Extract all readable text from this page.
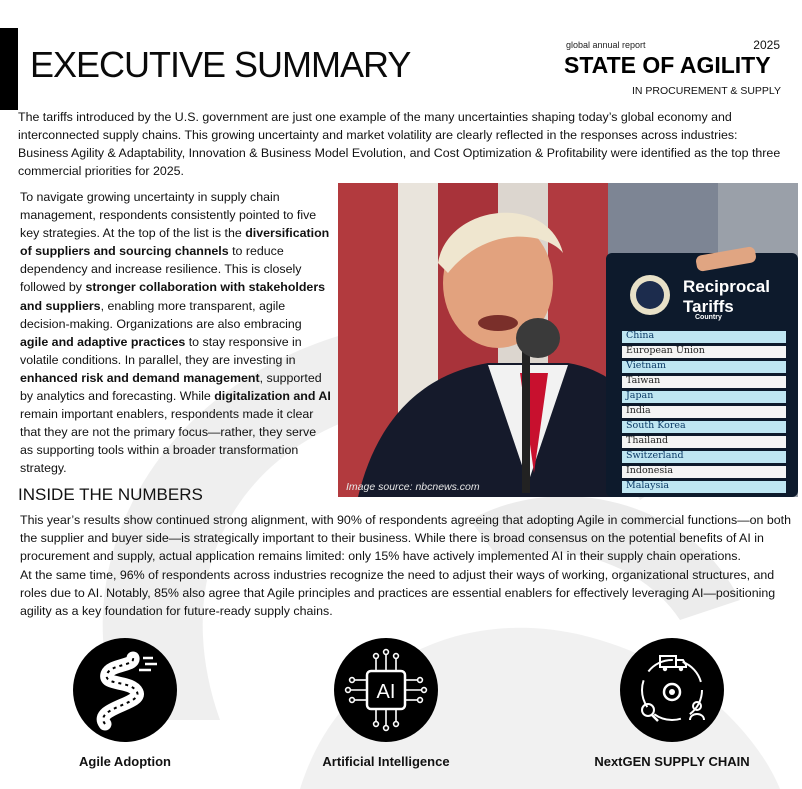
EXECUTIVE SUMMARY	global annual report	2025
STATE OF AGILITY
IN PROCUREMENT & SUPPLY

The tariffs introduced by the U.S. government are just one example of the many uncertainties shaping today’s global economy and interconnected supply chains. This growing uncertainty and market volatility are clearly reflected in the responses across industries: Business Agility & Adaptability, Innovation & Business Model Evolution, and Cost Optimization & Profitability were identified as the top three commercial priorities for 2025.

To navigate growing uncertainty in supply chain management, respondents consistently pointed to five key strategies. At the top of the list is the diversification of suppliers and sourcing channels to reduce dependency and increase resilience. This is closely followed by stronger collaboration with stakeholders and suppliers, enabling more transparent, agile decision-making. Organizations are also embracing agile and adaptive practices to stay responsive in volatile conditions. In parallel, they are investing in enhanced risk and demand management, supported by analytics and forecasting. While digitalization and AI remain important enablers, respondents made it clear that they are not the primary focus—rather, they serve as supporting tools within a broader transformation strategy.

Reciprocal Tariffs
Country
China
European Union
Vietnam
Taiwan
Japan
India
South Korea
Thailand
Switzerland
Indonesia
Malaysia
Image source: nbcnews.com
INSIDE THE NUMBERS

This year’s results show continued strong alignment, with 90% of respondents agreeing that adopting Agile in commercial functions—on both the supplier and buyer side—is strategically important to their business. While there is broad consensus on the potential benefits of AI in procurement and supply, actual application remains limited: only 15% have actively implemented AI in their supply chain operations.

At the same time, 96% of respondents across industries recognize the need to adjust their ways of working, organizational structures, and roles due to AI. Notably, 85% also agree that Agile principles and practices are essential enablers for effectively leveraging AI—positioning agility as a key foundation for future-ready supply chains.

Agile Adoption
AI
Artificial Intelligence	NextGEN SUPPLY CHAIN
